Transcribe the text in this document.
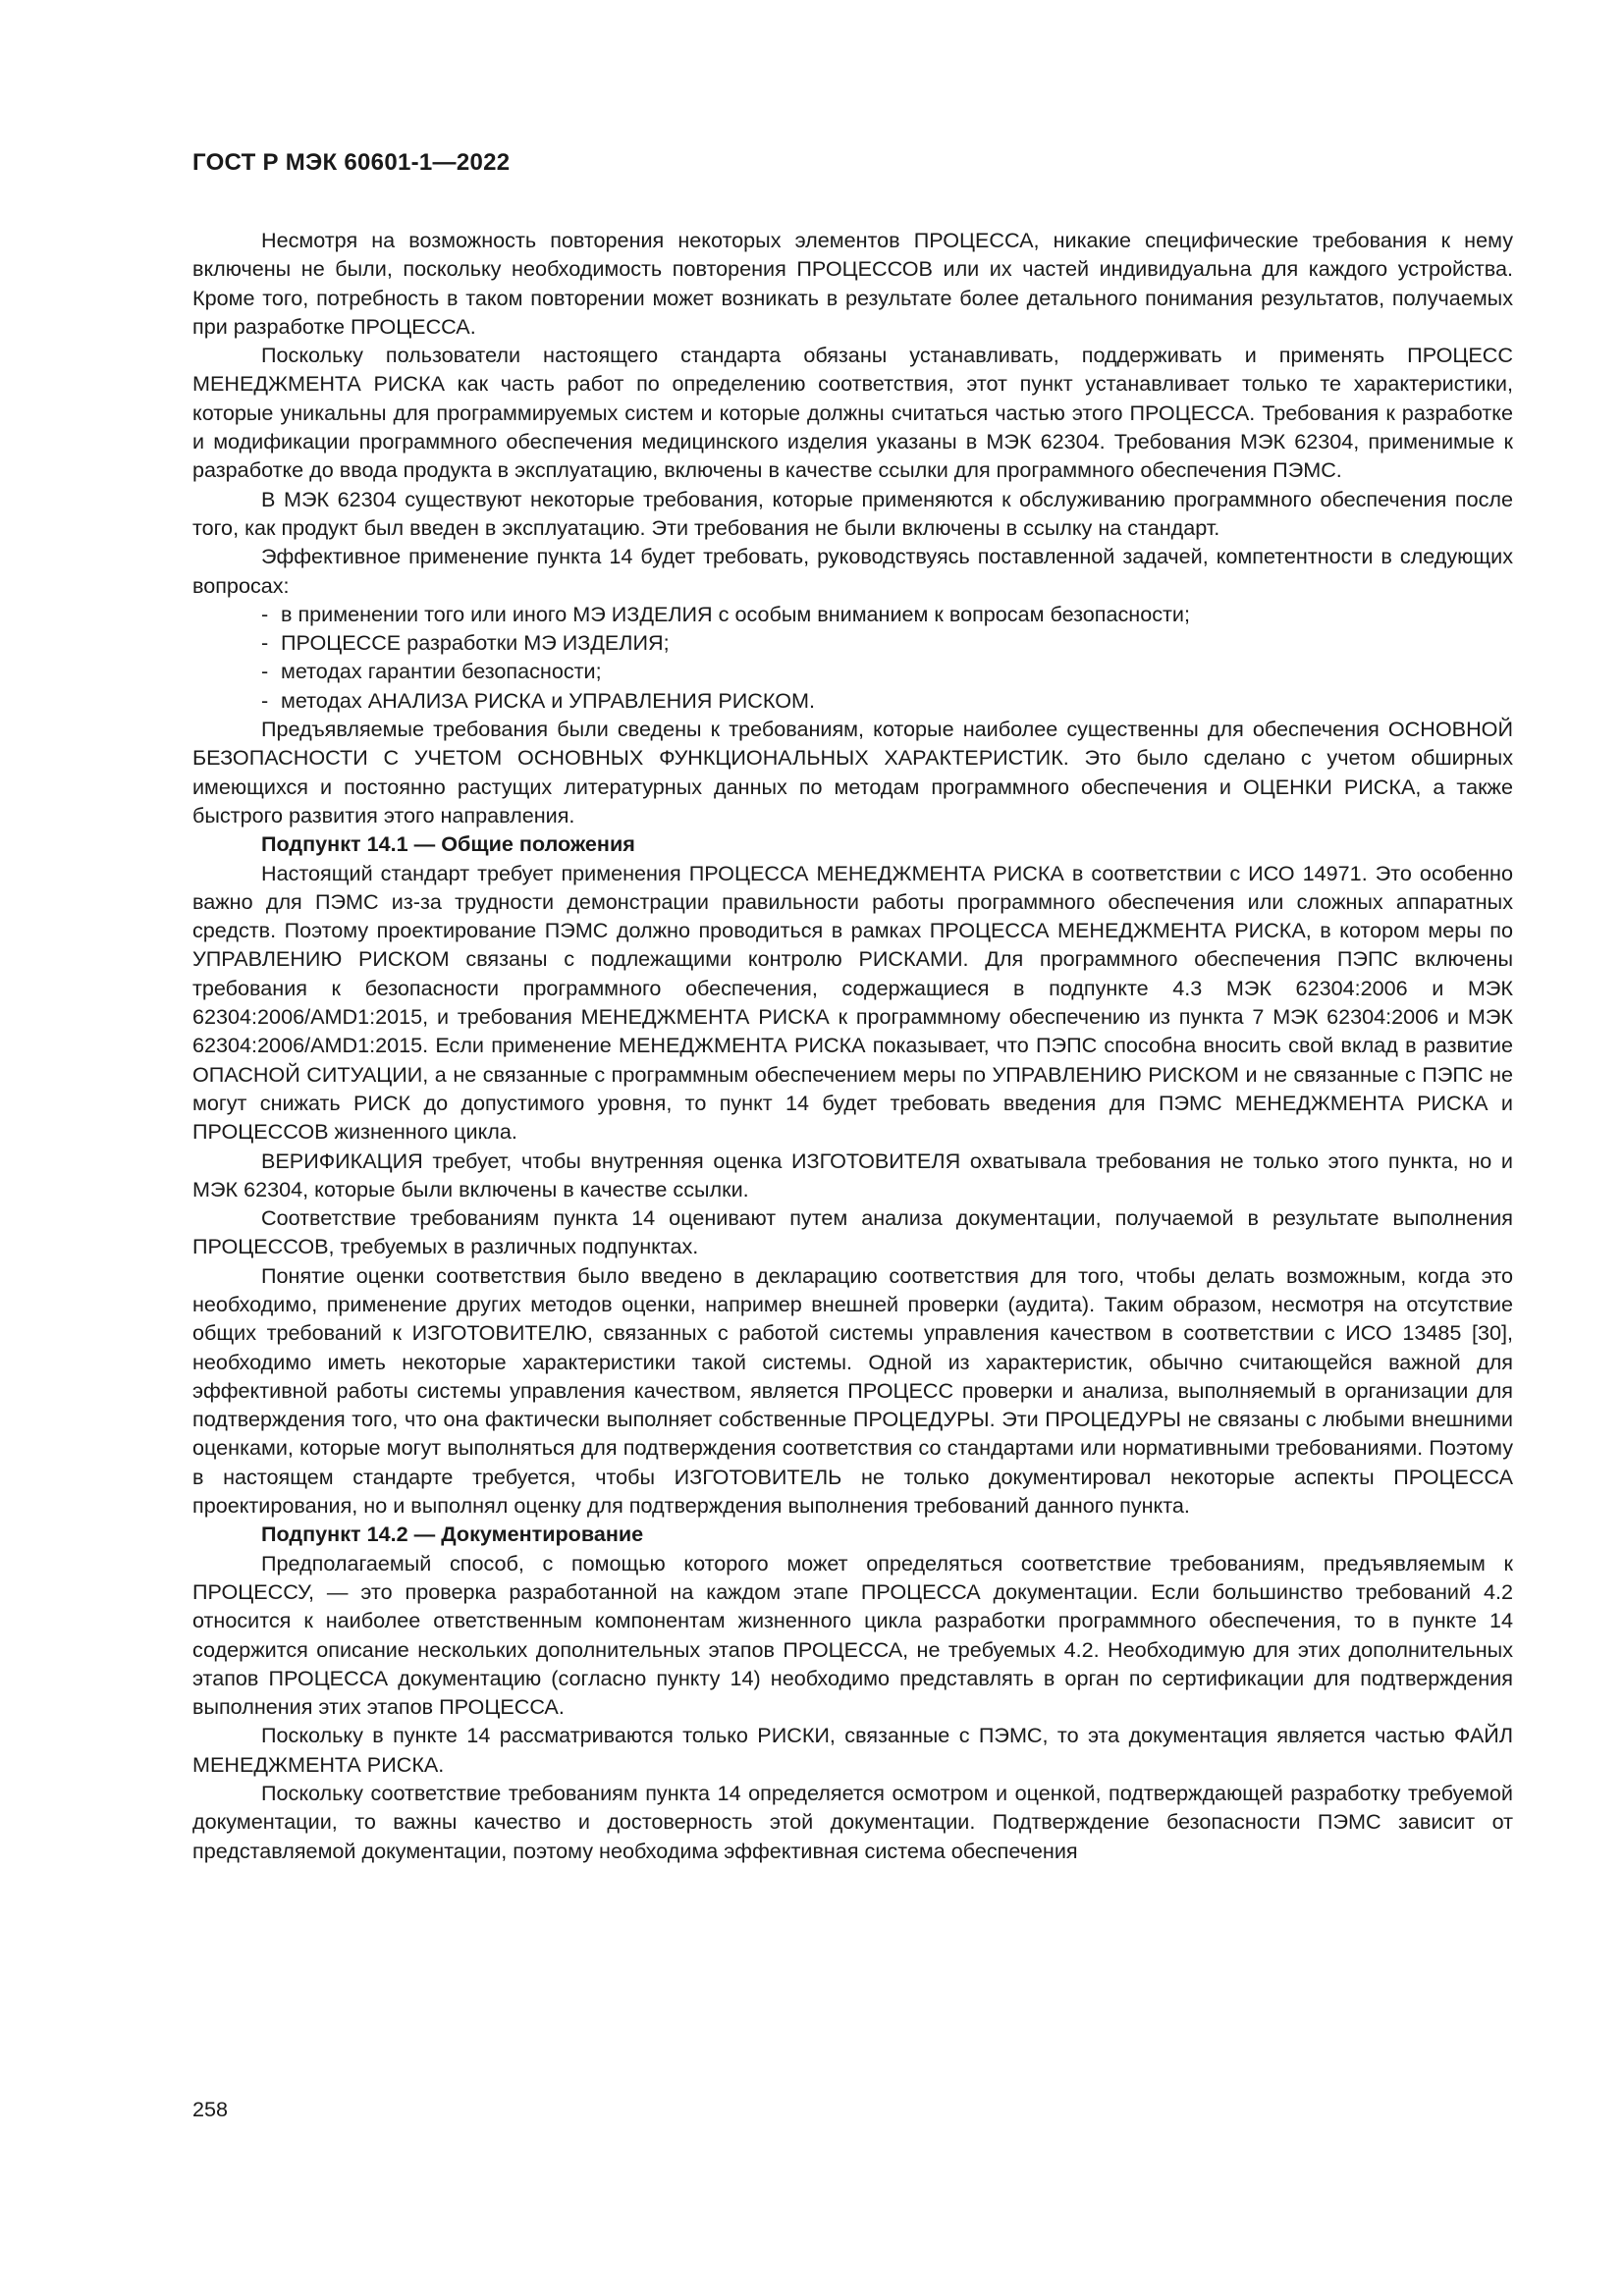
ГОСТ Р МЭК 60601-1—2022

Несмотря на возможность повторения некоторых элементов ПРОЦЕССА, никакие специфические требования к нему включены не были, поскольку необходимость повторения ПРОЦЕССОВ или их частей индивидуальна для каждого устройства. Кроме того, потребность в таком повторении может возникать в результате более детального понимания результатов, получаемых при разработке ПРОЦЕССА.

Поскольку пользователи настоящего стандарта обязаны устанавливать, поддерживать и применять ПРОЦЕСС МЕНЕДЖМЕНТА РИСКА как часть работ по определению соответствия, этот пункт устанавливает только те характеристики, которые уникальны для программируемых систем и которые должны считаться частью этого ПРОЦЕССА. Требования к разработке и модификации программного обеспечения медицинского изделия указаны в МЭК 62304. Требования МЭК 62304, применимые к разработке до ввода продукта в эксплуатацию, включены в качестве ссылки для программного обеспечения ПЭМС.

В МЭК 62304 существуют некоторые требования, которые применяются к обслуживанию программного обеспечения после того, как продукт был введен в эксплуатацию. Эти требования не были включены в ссылку на стандарт.

Эффективное применение пункта 14 будет требовать, руководствуясь поставленной задачей, компетентности в следующих вопросах:

- в применении того или иного МЭ ИЗДЕЛИЯ с особым вниманием к вопросам безопасности;
- ПРОЦЕССЕ разработки МЭ ИЗДЕЛИЯ;
- методах гарантии безопасности;
- методах АНАЛИЗА РИСКА и УПРАВЛЕНИЯ РИСКОМ.

Предъявляемые требования были сведены к требованиям, которые наиболее существенны для обеспечения ОСНОВНОЙ БЕЗОПАСНОСТИ С УЧЕТОМ ОСНОВНЫХ ФУНКЦИОНАЛЬНЫХ ХАРАКТЕРИСТИК. Это было сделано с учетом обширных имеющихся и постоянно растущих литературных данных по методам программного обеспечения и ОЦЕНКИ РИСКА, а также быстрого развития этого направления.

Подпункт 14.1 — Общие положения

Настоящий стандарт требует применения ПРОЦЕССА МЕНЕДЖМЕНТА РИСКА в соответствии с ИСО 14971. Это особенно важно для ПЭМС из-за трудности демонстрации правильности работы программного обеспечения или сложных аппаратных средств. Поэтому проектирование ПЭМС должно проводиться в рамках ПРОЦЕССА МЕНЕДЖМЕНТА РИСКА, в котором меры по УПРАВЛЕНИЮ РИСКОМ связаны с подлежащими контролю РИСКАМИ. Для программного обеспечения ПЭПС включены требования к безопасности программного обеспечения, содержащиеся в подпункте 4.3 МЭК 62304:2006 и МЭК 62304:2006/AMD1:2015, и требования МЕНЕДЖМЕНТА РИСКА к программному обеспечению из пункта 7 МЭК 62304:2006 и МЭК 62304:2006/AMD1:2015. Если применение МЕНЕДЖМЕНТА РИСКА показывает, что ПЭПС способна вносить свой вклад в развитие ОПАСНОЙ СИТУАЦИИ, а не связанные с программным обеспечением меры по УПРАВЛЕНИЮ РИСКОМ и не связанные с ПЭПС не могут снижать РИСК до допустимого уровня, то пункт 14 будет требовать введения для ПЭМС МЕНЕДЖМЕНТА РИСКА и ПРОЦЕССОВ жизненного цикла.

ВЕРИФИКАЦИЯ требует, чтобы внутренняя оценка ИЗГОТОВИТЕЛЯ охватывала требования не только этого пункта, но и МЭК 62304, которые были включены в качестве ссылки.

Соответствие требованиям пункта 14 оценивают путем анализа документации, получаемой в результате выполнения ПРОЦЕССОВ, требуемых в различных подпунктах.

Понятие оценки соответствия было введено в декларацию соответствия для того, чтобы делать возможным, когда это необходимо, применение других методов оценки, например внешней проверки (аудита). Таким образом, несмотря на отсутствие общих требований к ИЗГОТОВИТЕЛЮ, связанных с работой системы управления качеством в соответствии с ИСО 13485 [30], необходимо иметь некоторые характеристики такой системы. Одной из характеристик, обычно считающейся важной для эффективной работы системы управления качеством, является ПРОЦЕСС проверки и анализа, выполняемый в организации для подтверждения того, что она фактически выполняет собственные ПРОЦЕДУРЫ. Эти ПРОЦЕДУРЫ не связаны с любыми внешними оценками, которые могут выполняться для подтверждения соответствия со стандартами или нормативными требованиями. Поэтому в настоящем стандарте требуется, чтобы ИЗГОТОВИТЕЛЬ не только документировал некоторые аспекты ПРОЦЕССА проектирования, но и выполнял оценку для подтверждения выполнения требований данного пункта.

Подпункт 14.2 — Документирование

Предполагаемый способ, с помощью которого может определяться соответствие требованиям, предъявляемым к ПРОЦЕССУ, — это проверка разработанной на каждом этапе ПРОЦЕССА документации. Если большинство требований 4.2 относится к наиболее ответственным компонентам жизненного цикла разработки программного обеспечения, то в пункте 14 содержится описание нескольких дополнительных этапов ПРОЦЕССА, не требуемых 4.2. Необходимую для этих дополнительных этапов ПРОЦЕССА документацию (согласно пункту 14) необходимо представлять в орган по сертификации для подтверждения выполнения этих этапов ПРОЦЕССА.

Поскольку в пункте 14 рассматриваются только РИСКИ, связанные с ПЭМС, то эта документация является частью ФАЙЛ МЕНЕДЖМЕНТА РИСКА.

Поскольку соответствие требованиям пункта 14 определяется осмотром и оценкой, подтверждающей разработку требуемой документации, то важны качество и достоверность этой документации. Подтверждение безопасности ПЭМС зависит от представляемой документации, поэтому необходима эффективная система обеспечения

258
